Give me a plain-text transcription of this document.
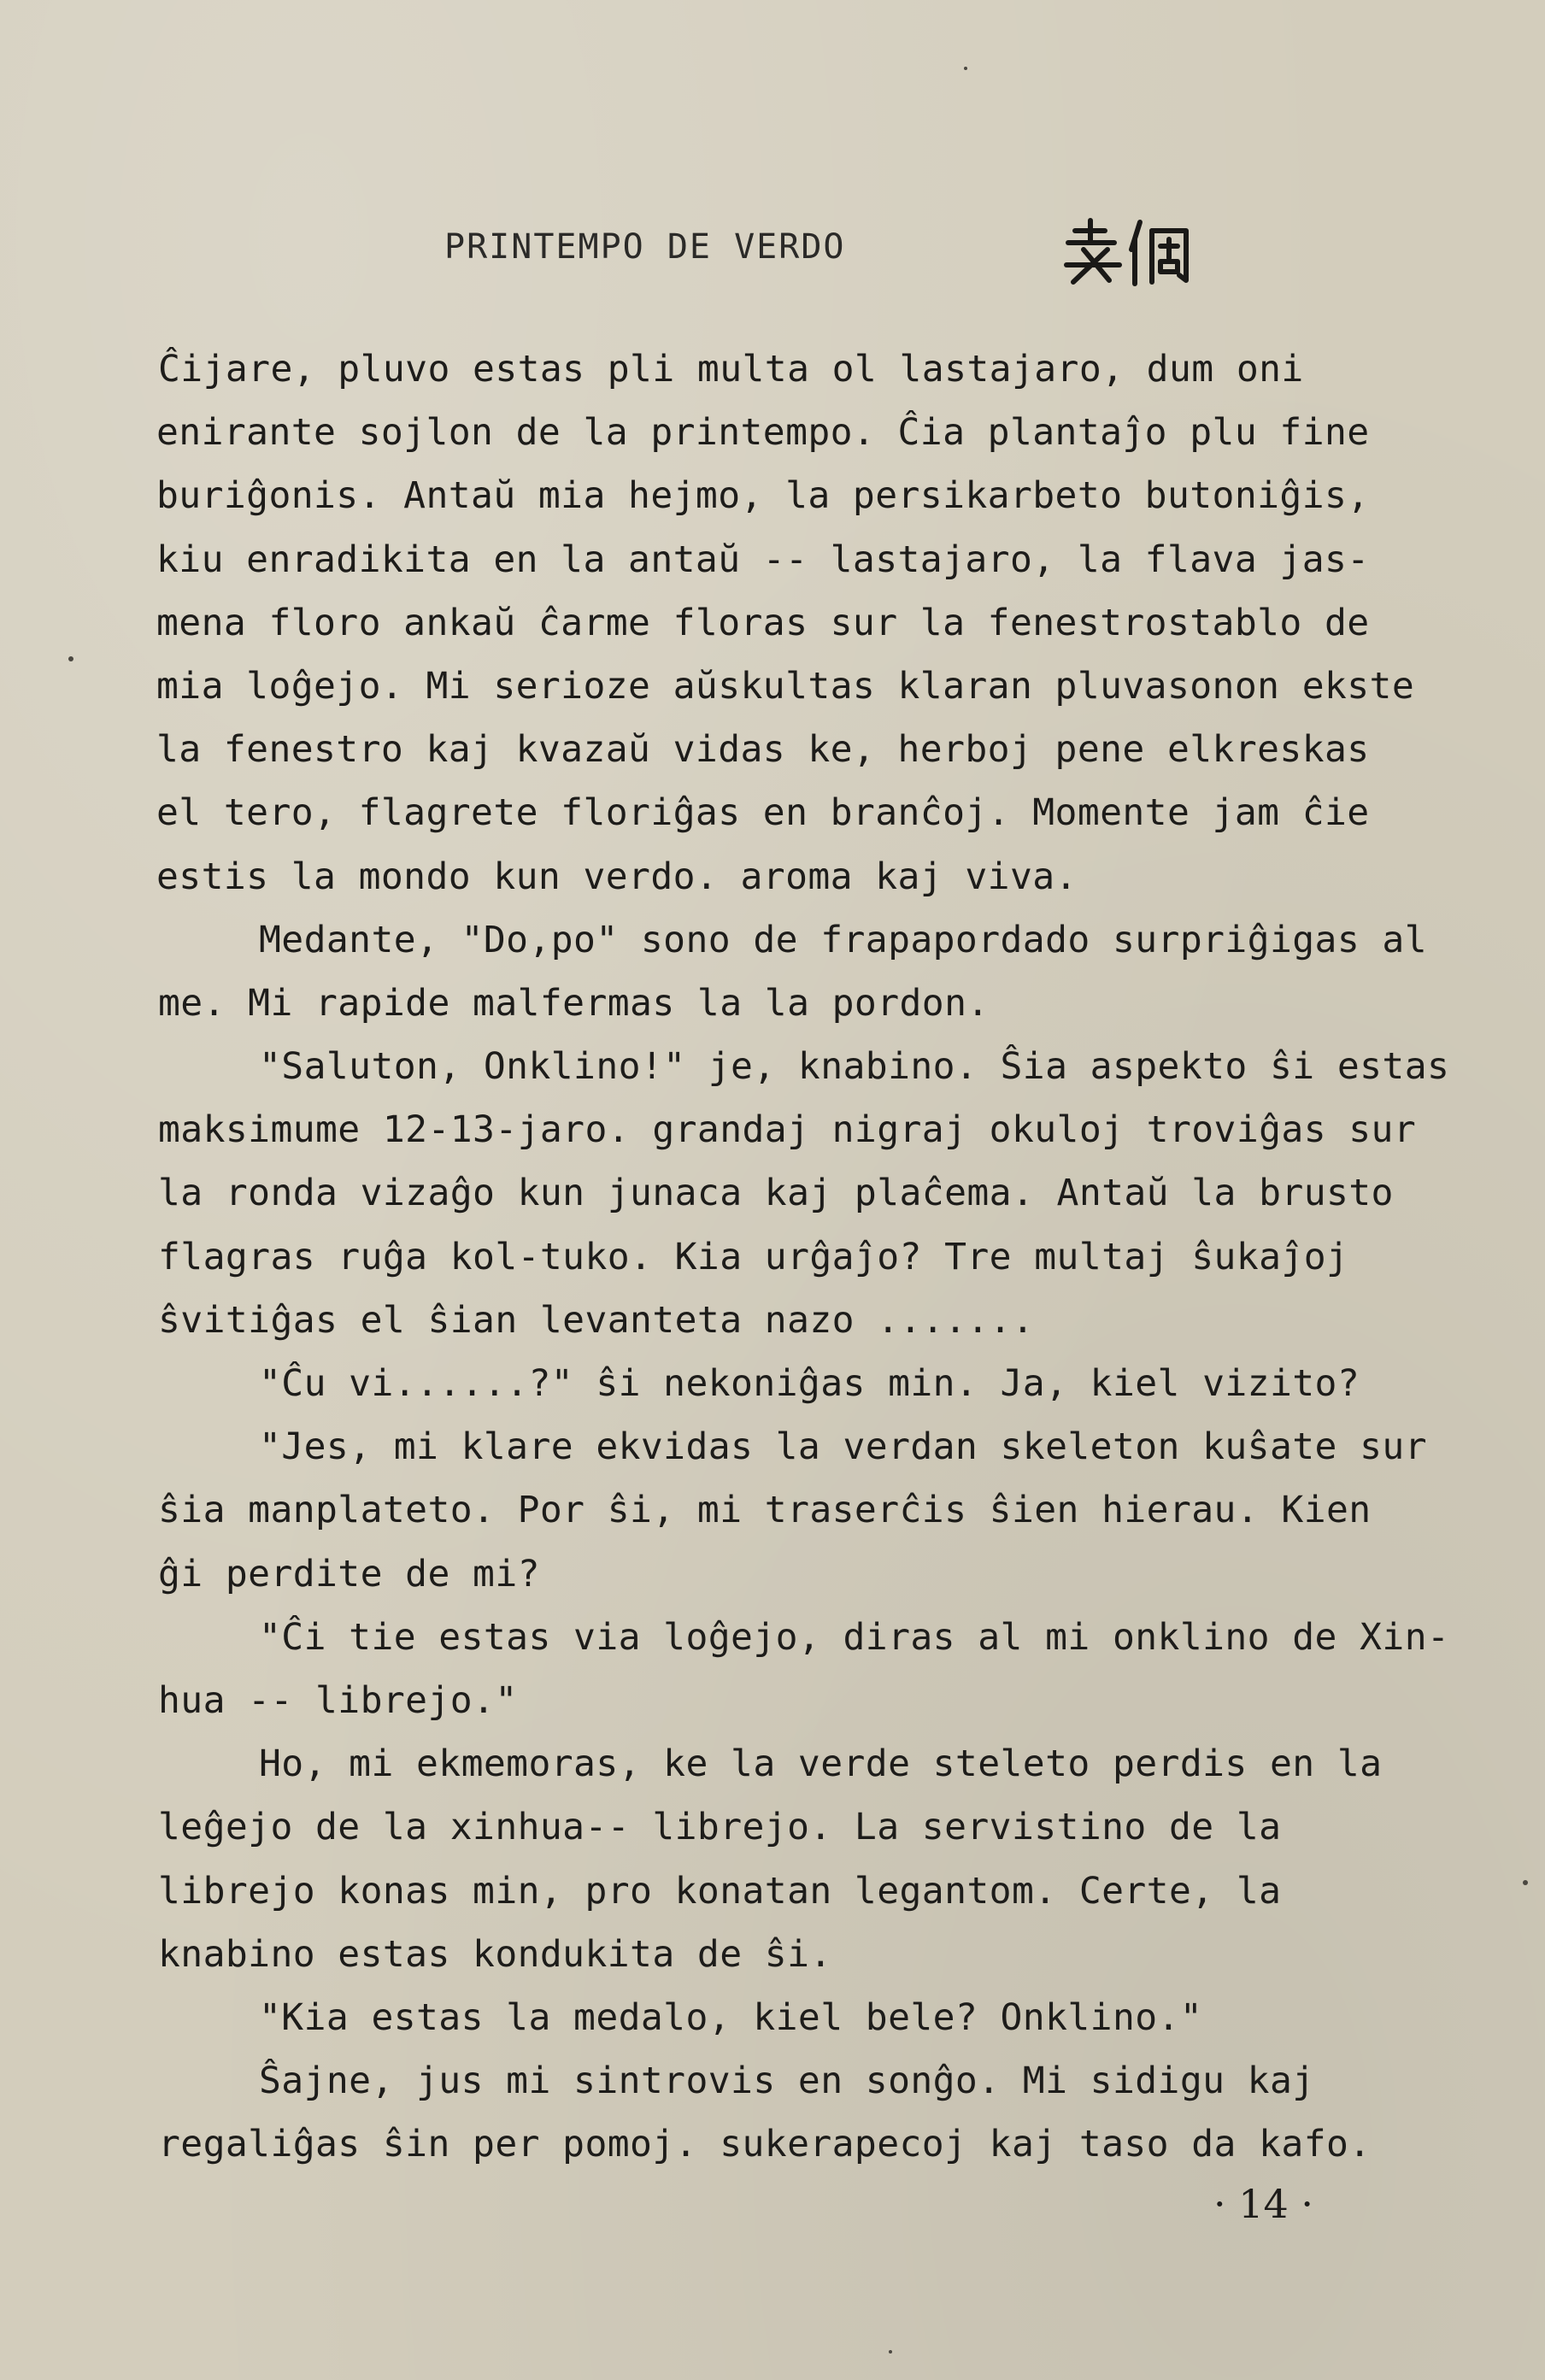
PRINTEMPO DE VERDO
Ĉijare, pluvo estas pli multa ol lastajaro, dum oni
enirante sojlon de la printempo. Ĉia plantaĵo plu fine
buriĝonis. Antaŭ mia hejmo, la persikarbeto butoniĝis,
kiu enradikita en la antaŭ -- lastajaro, la flava jas-
mena floro ankaŭ ĉarme floras sur la fenestrostablo de
mia loĝejo. Mi serioze aŭskultas klaran pluvasonon ekste
la fenestro kaj kvazaŭ vidas ke, herboj pene elkreskas
el tero, flagrete floriĝas en branĉoj. Momente jam ĉie
estis la mondo kun verdo. aroma kaj viva.
Medante, "Do,po" sono de frapapordado surpriĝigas al
me. Mi rapide malfermas la la pordon.
"Saluton, Onklino!" je, knabino. Ŝia aspekto ŝi estas
maksimume 12-13-jaro. grandaj nigraj okuloj troviĝas sur
la ronda vizaĝo kun junaca kaj plaĉema. Antaŭ la brusto
flagras ruĝa kol-tuko. Kia urĝaĵo? Tre multaj ŝukaĵoj
ŝvitiĝas el ŝian levanteta nazo .......
"Ĉu vi......?" ŝi nekoniĝas min. Ja, kiel vizito?
"Jes, mi klare ekvidas la verdan skeleton kuŝate sur
ŝia manplateto. Por ŝi, mi traserĉis ŝien hierau. Kien
ĝi perdite de mi?
"Ĉi tie estas via loĝejo, diras al mi onklino de Xin-
hua -- librejo."
Ho, mi ekmemoras, ke la verde steleto perdis en la
leĝejo de la xinhua-- librejo. La servistino de la
librejo konas min, pro konatan legantom. Certe, la
knabino estas kondukita de ŝi.
"Kia estas la medalo, kiel bele? Onklino."
Ŝajne, jus mi sintrovis en sonĝo. Mi sidigu kaj
regaliĝas ŝin per pomoj. sukerapecoj kaj taso da kafo.
· 14 ·
